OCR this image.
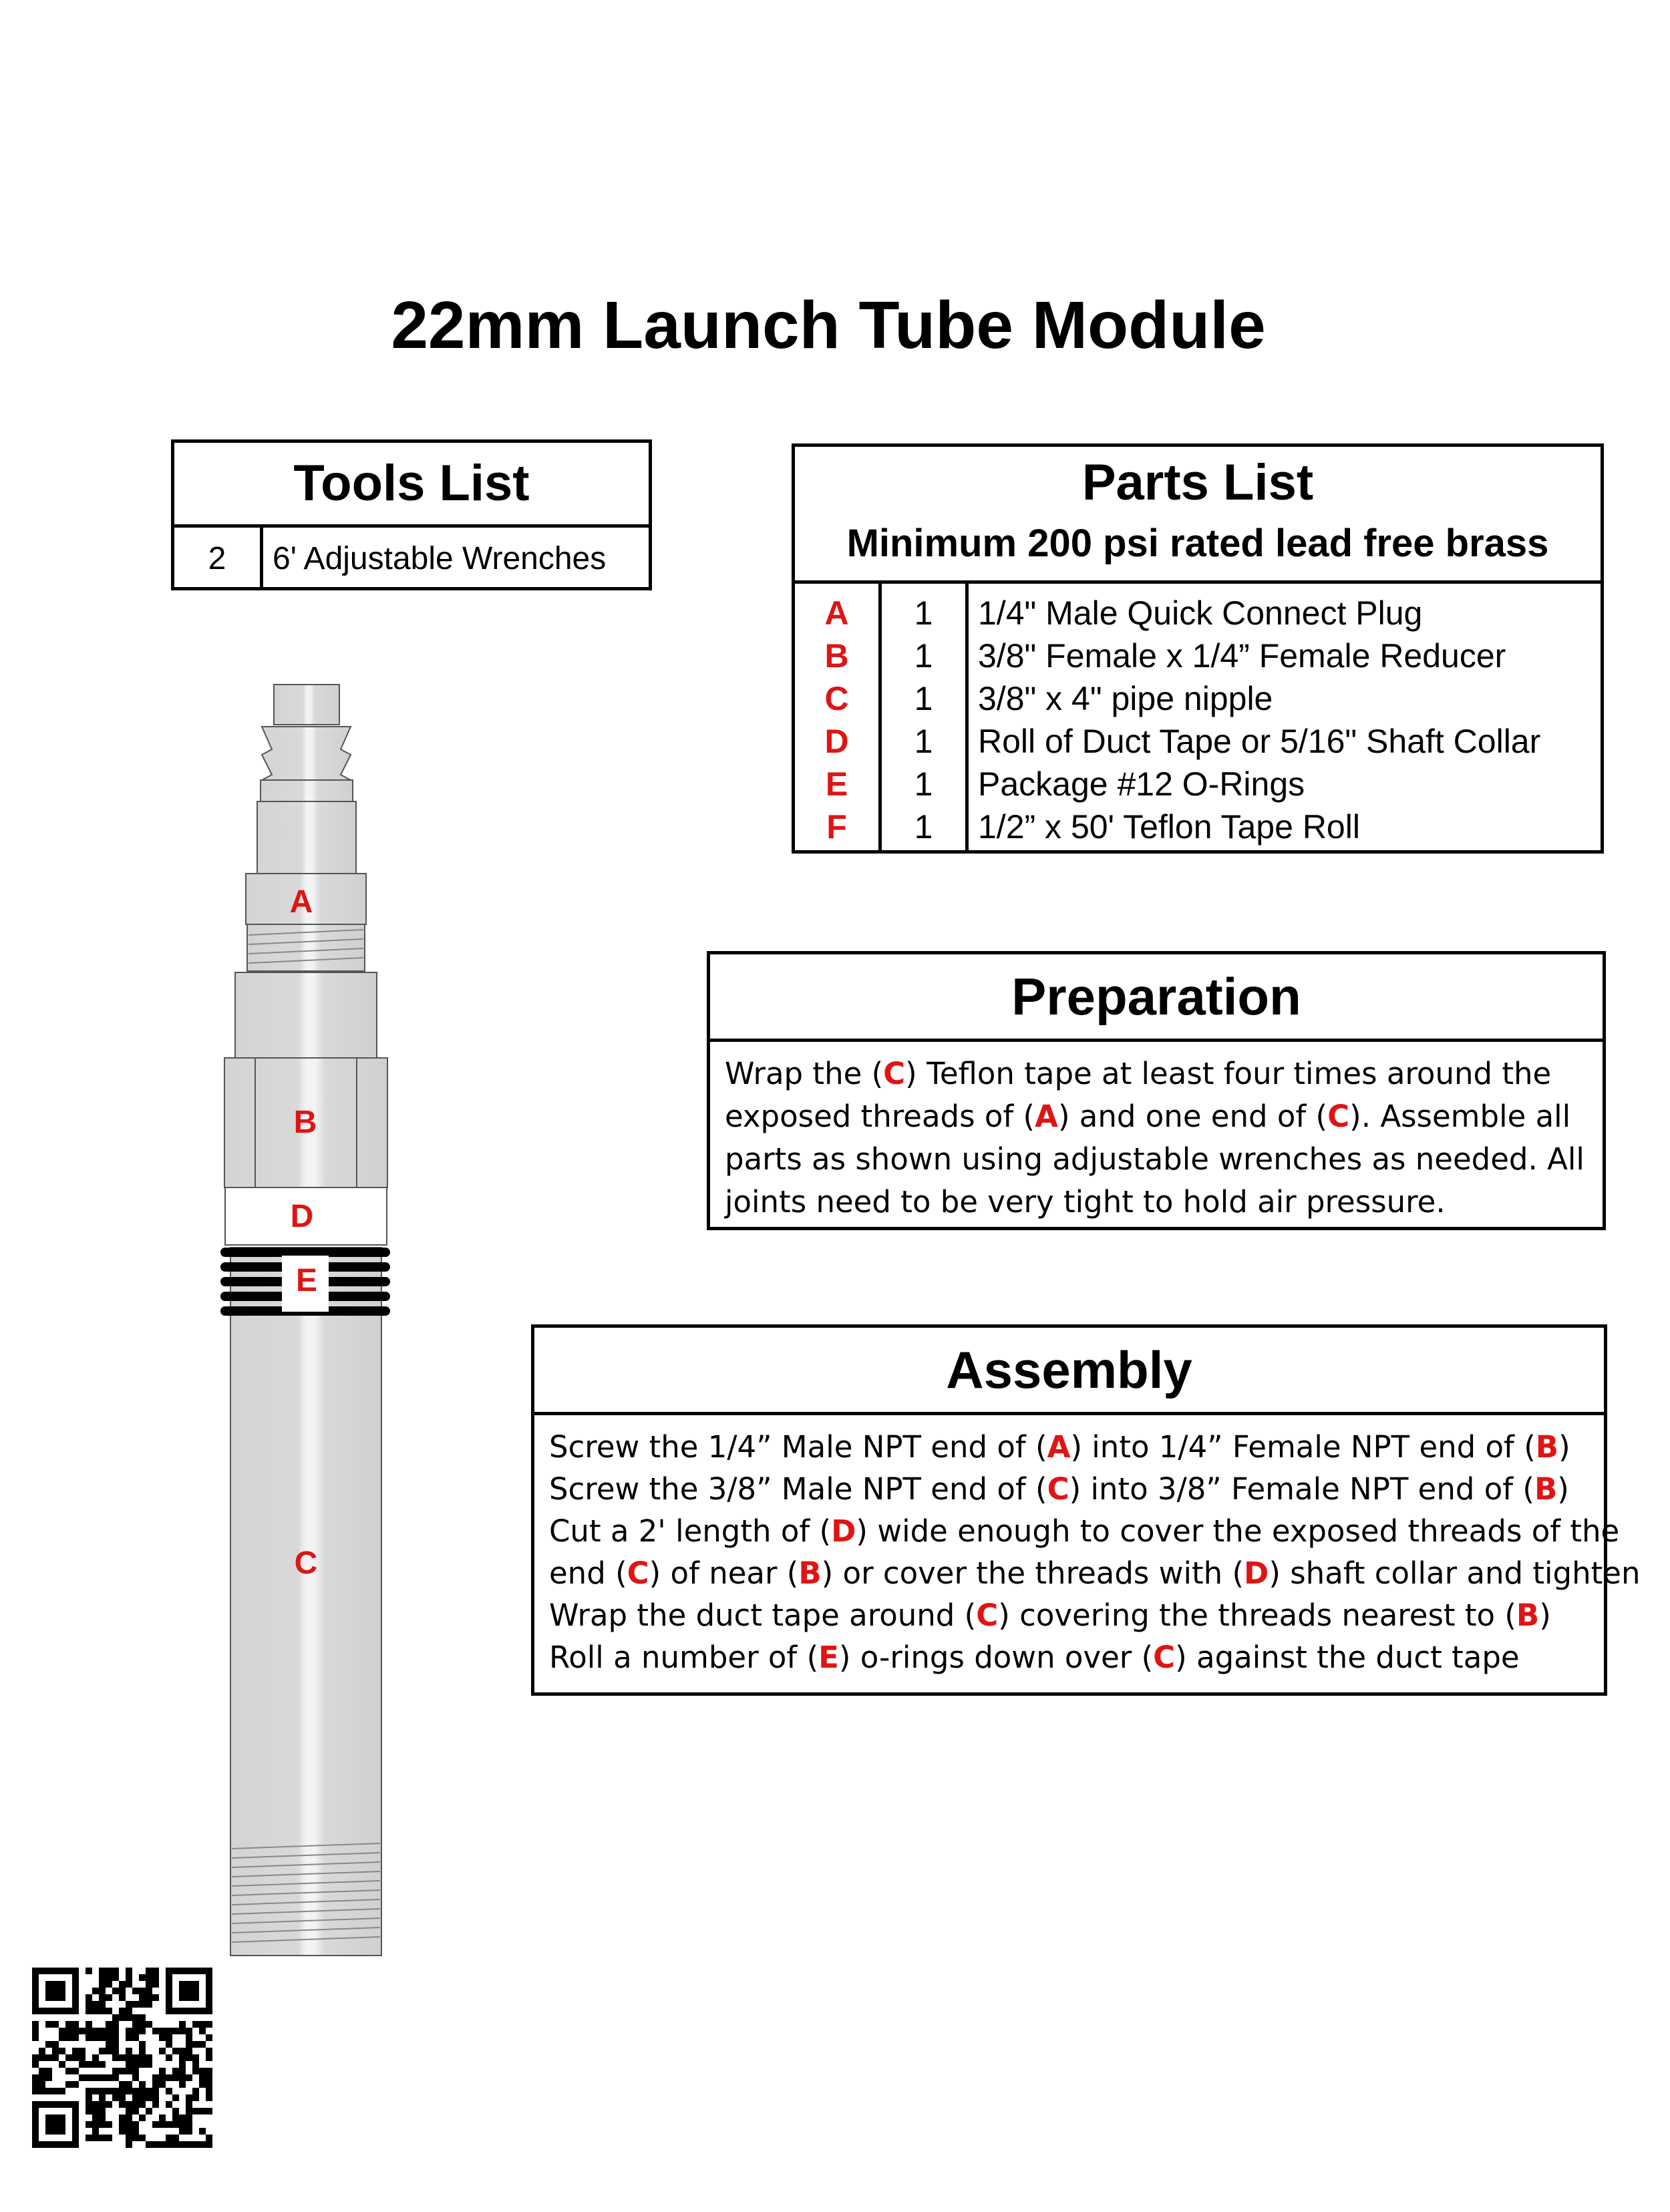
22mm Launch Tube Module
Tools List
2	6' Adjustable Wrenches
Parts List
Minimum 200 psi rated lead free brass
A
B
C
D
E
F
1
1
1
1
1
1
1/4" Male Quick Connect Plug
3/8" Female x 1/4” Female Reducer
3/8" x 4" pipe nipple
Roll of Duct Tape or 5/16" Shaft Collar
Package #12 O-Rings
1/2” x 50' Teflon Tape Roll
Preparation
Wrap the (C) Teflon tape at least four times around the
exposed threads of (A) and one end of (C). Assemble all
parts as shown using adjustable wrenches as needed. All
joints need to be very tight to hold air pressure.
Assembly
Screw the 1/4” Male NPT end of (A) into 1/4” Female NPT end of (B)
Screw the 3/8” Male NPT end of (C) into 3/8” Female NPT end of (B)
Cut a 2' length of (D) wide enough to cover the exposed threads of the
end (C) of near (B) or cover the threads with (D) shaft collar and tighten
Wrap the duct tape around (C) covering the threads nearest to (B)
Roll a number of (E) o-rings down over (C) against the duct tape
A
B
D
E
C
